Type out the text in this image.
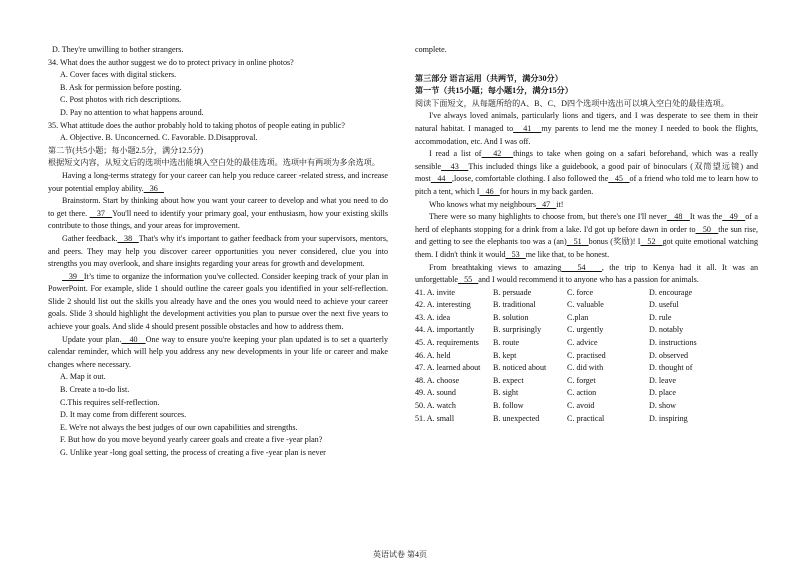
D. They're unwilling to bother strangers.

34. What does the author suggest we do to protect privacy in online photos?

A. Cover faces with digital stickers.

B. Ask for permission before posting.

C. Post photos with rich descriptions.

D. Pay no attention to what happens around.

35. What attitude does the author probably hold to taking photos of people eating in public?

A. Objective. B. Unconcerned. C. Favorable. D.Disapproval.

第二节(共5小题；每小题2.5分，满分12.5分)

根据短文内容，从短文后的选项中选出能填入空白处的最佳选项。选项中有两项为多余选项。

Having a long-terms strategy for your career can help you reduce career -related stress, and increase your potential employ ability.   36

Brainstorm. Start by thinking about how you want your career to develop and what you need to do to get there.    37   You'll need to identify your primary goal, your enthusiasm, how your existing skills contribute to those things, and your areas for improvement.

Gather feedback.   38   That's why it's important to gather feedback from your supervisors, mentors, and peers. They may help you discover career opportunities you never considered, clue you into strengths you may overlook, and share insights regarding your areas for growth and development.

39   It’s time to organize the information you've collected. Consider keeping track of your plan in PowerPoint. For example, slide 1 should outline the career goals you identified in your self-reflection. Slide 2 should list out the skills you already have and the ones you would need to achieve your career goals. Slide 3 should highlight the development activities you plan to pursue over the next five years to achieve your goals. And slide 4 should present possible obstacles and how to address them.

Update your plan.   40   One way to ensure you're keeping your plan updated is to set a quarterly calendar reminder, which will help you address any new developments in your life or career and make changes where necessary.

A. Map it out.

B. Create a to-do list.

C.This requires self-reflection.

D. It may come from different sources.

E. We're not always the best judges of our own capabilities and strengths.

F. But how do you move beyond yearly career goals and create a five -year plan?

G. Unlike year -long goal setting, the process of creating a five -year plan is never

complete.

第三部分 语言运用（共两节，满分30分）

第一节（共15小题；每小题1分，满分15分）

阅读下面短文，从每题所给的A、B、C、D四个选项中选出可以填入空白处的最佳选项。

I've always loved animals, particularly lions and tigers, and I was desperate to see them in their natural habitat. I managed to   41   my parents to lend me the money I needed to book the flights, accommodation, etc. And I was off.

I read a list of   42   things to take when going on a safari beforehand, which was a really sensible   43   This included things like a guidebook, a good pair of binoculars (双筒望远镜) and most   44   ,loose, comfortable clothing. I also followed the   45   of a friend who told me to learn how to pitch a tent, which I   46   for hours in my back garden.

Who knows what my neighbours   47   it!

There were so many highlights to choose from, but there's one I'll never   48   It was the   49   of a herd of elephants stopping for a drink from a lake. I'd got up before dawn in order to   50   the sun rise, and getting to see the elephants too was a (an)   51   bonus (奖励)! I   52   got quite emotional watching them. I didn't think it would   53   me like that, to be honest.

From breathtaking views to amazing   54   , the trip to Kenya had it all. It was an unforgettable   55   and I would recommend it to anyone who has a passion for animals.

41. A. invite	B. persuade	C. force	D. encourage
42. A. interesting	B. traditional	C. valuable	D. useful
43. A. idea	B. solution	C.plan	D. rule
44. A. importantly	B. surprisingly	C. urgently	D. notably
45. A. requirements	B. route	C. advice	D. instructions
46. A. held	B. kept	C. practised	D. observed
47. A. learned about	B. noticed about	C. did with	D. thought of
48. A. choose	B. expect	C. forget	D. leave
49. A. sound	B. sight	C. action	D. place
50. A. watch	B. follow	C. avoid	D. show
51. A. small	B. unexpected	C. practical	D. inspiring
英语试卷 第4页
